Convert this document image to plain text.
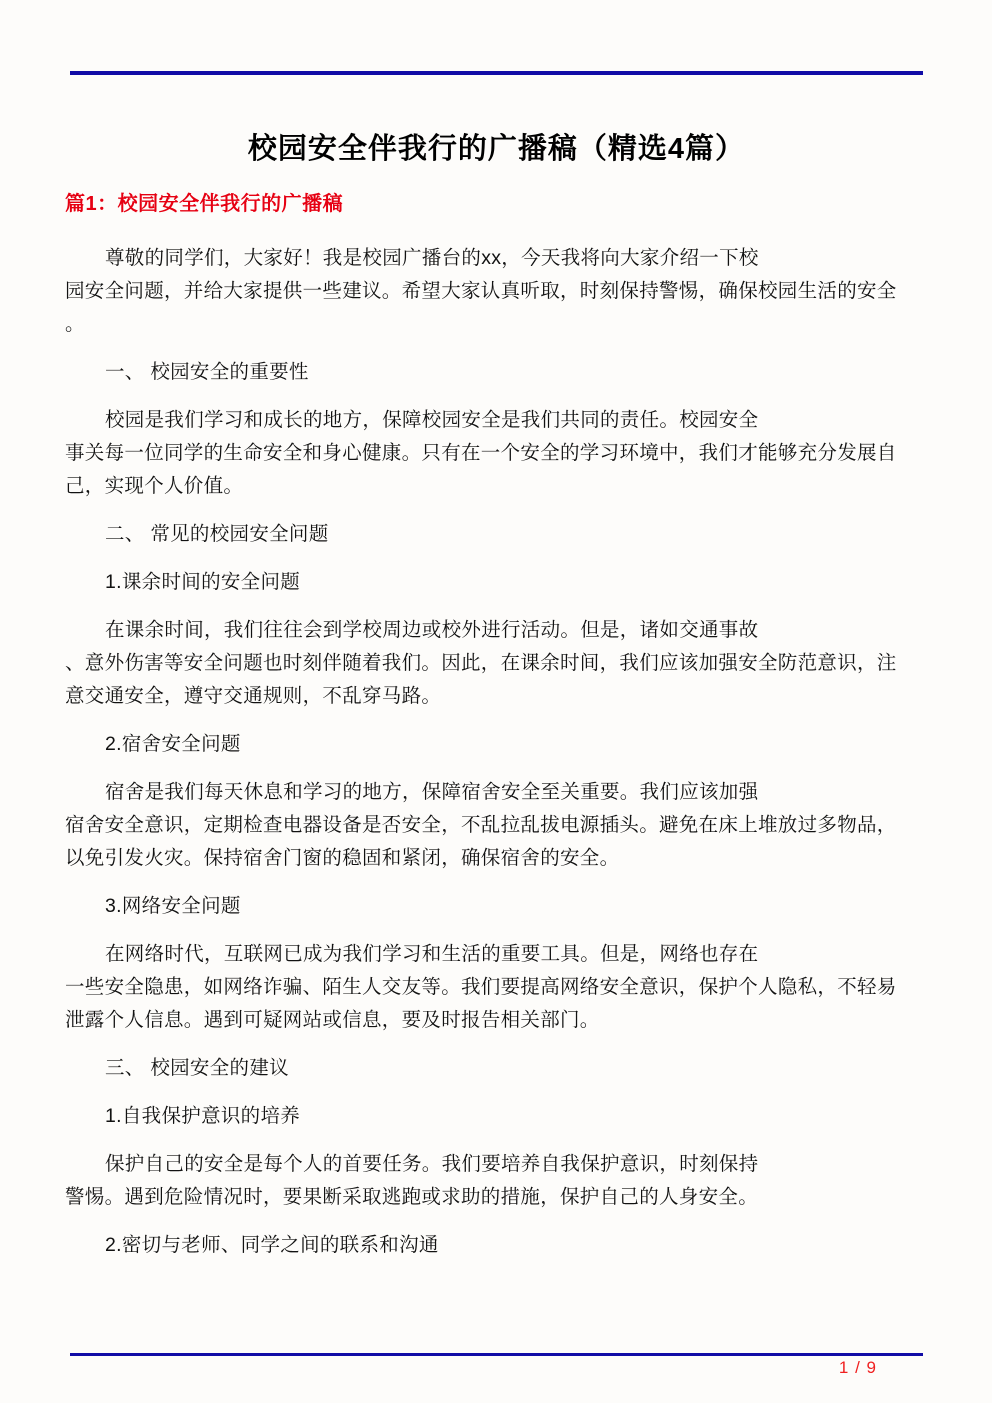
校园安全伴我行的广播稿（精选4篇）
篇1：校园安全伴我行的广播稿
尊敬的同学们，大家好！我是校园广播台的xx，今天我将向大家介绍一下校
园安全问题，并给大家提供一些建议。希望大家认真听取，时刻保持警惕，确保校园生活的安全
。
一、 校园安全的重要性
校园是我们学习和成长的地方，保障校园安全是我们共同的责任。校园安全
事关每一位同学的生命安全和身心健康。只有在一个安全的学习环境中，我们才能够充分发展自
己，实现个人价值。
二、 常见的校园安全问题
1.课余时间的安全问题
在课余时间，我们往往会到学校周边或校外进行活动。但是，诸如交通事故
、意外伤害等安全问题也时刻伴随着我们。因此，在课余时间，我们应该加强安全防范意识，注
意交通安全，遵守交通规则，不乱穿马路。
2.宿舍安全问题
宿舍是我们每天休息和学习的地方，保障宿舍安全至关重要。我们应该加强
宿舍安全意识，定期检查电器设备是否安全，不乱拉乱拔电源插头。避免在床上堆放过多物品，
以免引发火灾。保持宿舍门窗的稳固和紧闭，确保宿舍的安全。
3.网络安全问题
在网络时代，互联网已成为我们学习和生活的重要工具。但是，网络也存在
一些安全隐患，如网络诈骗、陌生人交友等。我们要提高网络安全意识，保护个人隐私，不轻易
泄露个人信息。遇到可疑网站或信息，要及时报告相关部门。
三、 校园安全的建议
1.自我保护意识的培养
保护自己的安全是每个人的首要任务。我们要培养自我保护意识，时刻保持
警惕。遇到危险情况时，要果断采取逃跑或求助的措施，保护自己的人身安全。
2.密切与老师、同学之间的联系和沟通
1 / 9
